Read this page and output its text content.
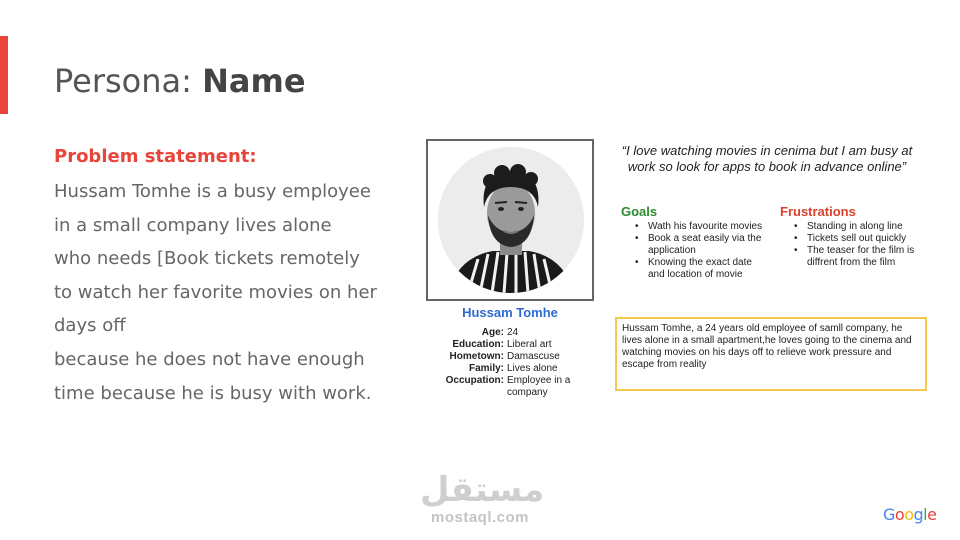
Persona: Name
Problem statement:
Hussam Tomhe is a busy employee
in a small company lives alone
who needs [Book tickets remotely
to watch her favorite movies on her
days off
because he does not have enough
time because he is busy with work.
Hussam Tomhe
Age: 24
Education: Liberal art
Hometown: Damascuse
Family: Lives alone
Occupation: Employee in a company
“I love watching movies in cenima but I am busy at work so look for apps to book in advance online”
Goals
• Wath his favourite movies
• Book a seat easily via the application
• Knowing the exact date and location of movie
Frustrations
• Standing in along line
• Tickets sell out quickly
• The teaser for the film is diffrent from the film
Hussam Tomhe, a 24 years old employee of samll company, he lives alone in a small apartment,he loves going to the cinema and watching movies on his days off to relieve work pressure and escape from reality
مستقل
mostaql.com	Google
